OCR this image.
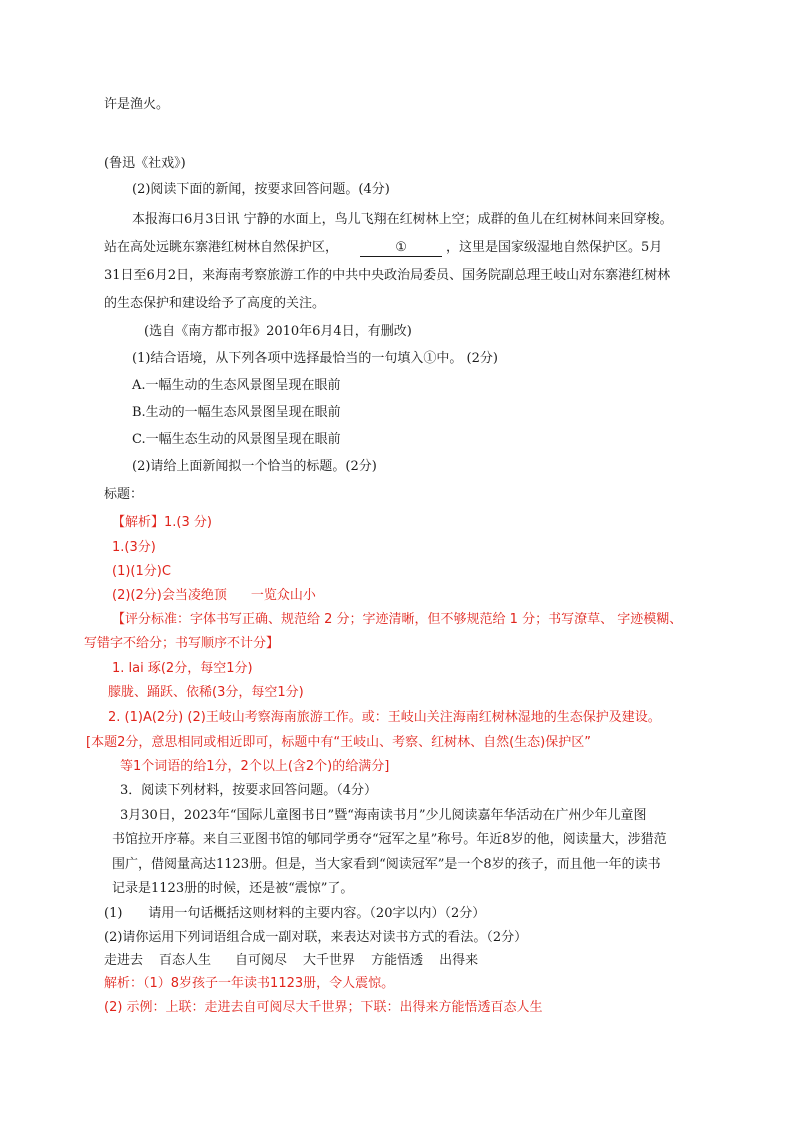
许是渔火。
(鲁迅《社戏》)
(2)阅读下面的新闻，按要求回答问题。(4分)
本报海口6月3日讯 宁静的水面上，鸟儿飞翔在红树林上空；成群的鱼儿在红树林间来回穿梭。
站在高处远眺东寨港红树林自然保护区，	①	，这里是国家级湿地自然保护区。5月
31日至6月2日，来海南考察旅游工作的中共中央政治局委员、国务院副总理王岐山对东寨港红树林
的生态保护和建设给予了高度的关注。
(选自《南方都市报》2010年6月4日，有删改)
(1)结合语境，从下列各项中选择最恰当的一句填入①中。 (2分)
A.一幅生动的生态风景图呈现在眼前
B.生动的一幅生态风景图呈现在眼前
C.一幅生态生动的风景图呈现在眼前
(2)请给上面新闻拟一个恰当的标题。(2分)
标题：
【解析】1.(3 分)
1.(3分)
(1)(1分)C
(2)(2分)会当凌绝顶 一览众山小
【评分标准：字体书写正确、规范给 2 分；字迹清晰，但不够规范给 1 分；书写潦草、 字迹模糊、
写错字不给分；书写顺序不计分】
1. lai 琢(2分，每空1分)
朦胧、踊跃、依稀(3分，每空1分)
2. (1)A(2分) (2)王岐山考察海南旅游工作。或：王岐山关注海南红树林湿地的生态保护及建设。
[本题2分，意思相同或相近即可，标题中有“王岐山、考察、红树林、自然(生态)保护区”
等1个词语的给1分，2个以上(含2个)的给满分]
3．阅读下列材料，按要求回答问题。（4分）
3月30日，2023年“国际儿童图书日”暨“海南读书月”少儿阅读嘉年华活动在广州少年儿童图
书馆拉开序幕。来自三亚图书馆的郇同学勇夺“冠军之星”称号。年近8岁的他，阅读量大，涉猎范
围广，借阅量高达1123册。但是，当大家看到“阅读冠军”是一个8岁的孩子，而且他一年的读书
记录是1123册的时候，还是被“震惊”了。
(1) 请用一句话概括这则材料的主要内容。（20字以内）（2分）
(2)请你运用下列词语组合成一副对联，来表达对读书方式的看法。（2分）
走进去 百态人生 自可阅尽 大千世界 方能悟透 出得来
解析：（1）8岁孩子一年读书1123册，令人震惊。
(2) 示例：上联：走进去自可阅尽大千世界；下联：出得来方能悟透百态人生
